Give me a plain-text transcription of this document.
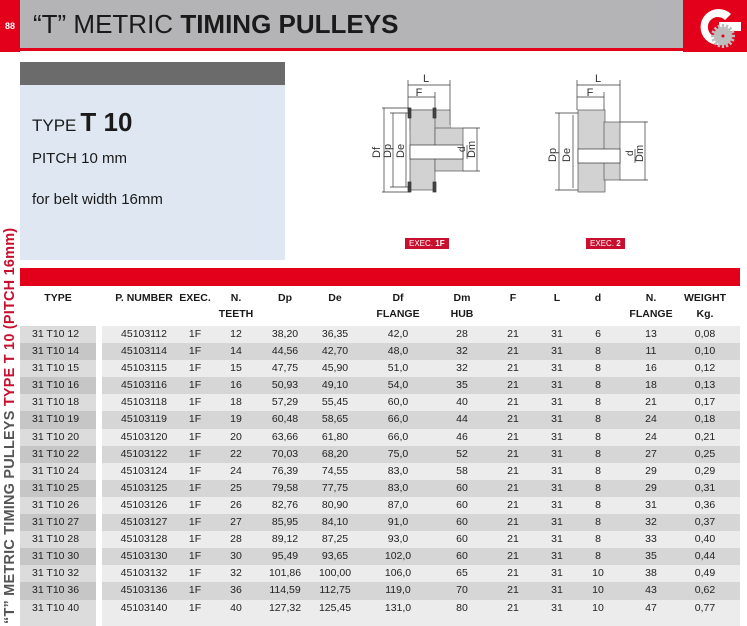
88 “T” METRIC TIMING PULLEYS
“T” METRIC TIMING PULLEYS TYPE T 10 (PITCH 16mm)
TYPE T 10
PITCH 10 mm
for belt width 16mm
L
F
Df Dp De	Dm
d
EXEC. 1F
L
F
Dp De	Dm
d
EXEC. 2
TYPE	P. NUMBER EXEC.	N.
TEETH
Dp	De	Df
FLANGE
Dm
HUB
F	L	d	N.
FLANGE
WEIGHT
Kg.
31 T10 12	45103112 1F	12	38,20 36,35	42,0	28	21	31	6	13	0,08
31 T10 14	45103114 1F	14	44,56 42,70	48,0	32	21	31	8	11	0,10
31 T10 15	45103115 1F	15	47,75 45,90	51,0	32	21	31	8	16	0,12
31 T10 16	45103116 1F	16	50,93 49,10	54,0	35	21	31	8	18	0,13
31 T10 18	45103118 1F	18	57,29 55,45	60,0	40	21	31	8	21	0,17
31 T10 19	45103119 1F	19	60,48 58,65	66,0	44	21	31	8	24	0,18
31 T10 20	45103120 1F	20	63,66 61,80	66,0	46	21	31	8	24	0,21
31 T10 22	45103122 1F	22	70,03 68,20	75,0	52	21	31	8	27	0,25
31 T10 24	45103124 1F	24	76,39 74,55	83,0	58	21	31	8	29	0,29
31 T10 25	45103125 1F	25	79,58 77,75	83,0	60	21	31	8	29	0,31
31 T10 26	45103126 1F	26	82,76 80,90	87,0	60	21	31	8	31	0,36
31 T10 27	45103127 1F	27	85,95 84,10	91,0	60	21	31	8	32	0,37
31 T10 28	45103128 1F	28	89,12 87,25	93,0	60	21	31	8	33	0,40
31 T10 30	45103130 1F	30	95,49 93,65	102,0	60	21	31	8	35	0,44
31 T10 32	45103132 1F	32	101,86 100,00	106,0	65	21	31	10	38	0,49
31 T10 36	45103136 1F	36	114,59 112,75	119,0	70	21	31	10	43	0,62
31 T10 40	45103140 1F	40	127,32 125,45	131,0	80	21	31	10	47	0,77
